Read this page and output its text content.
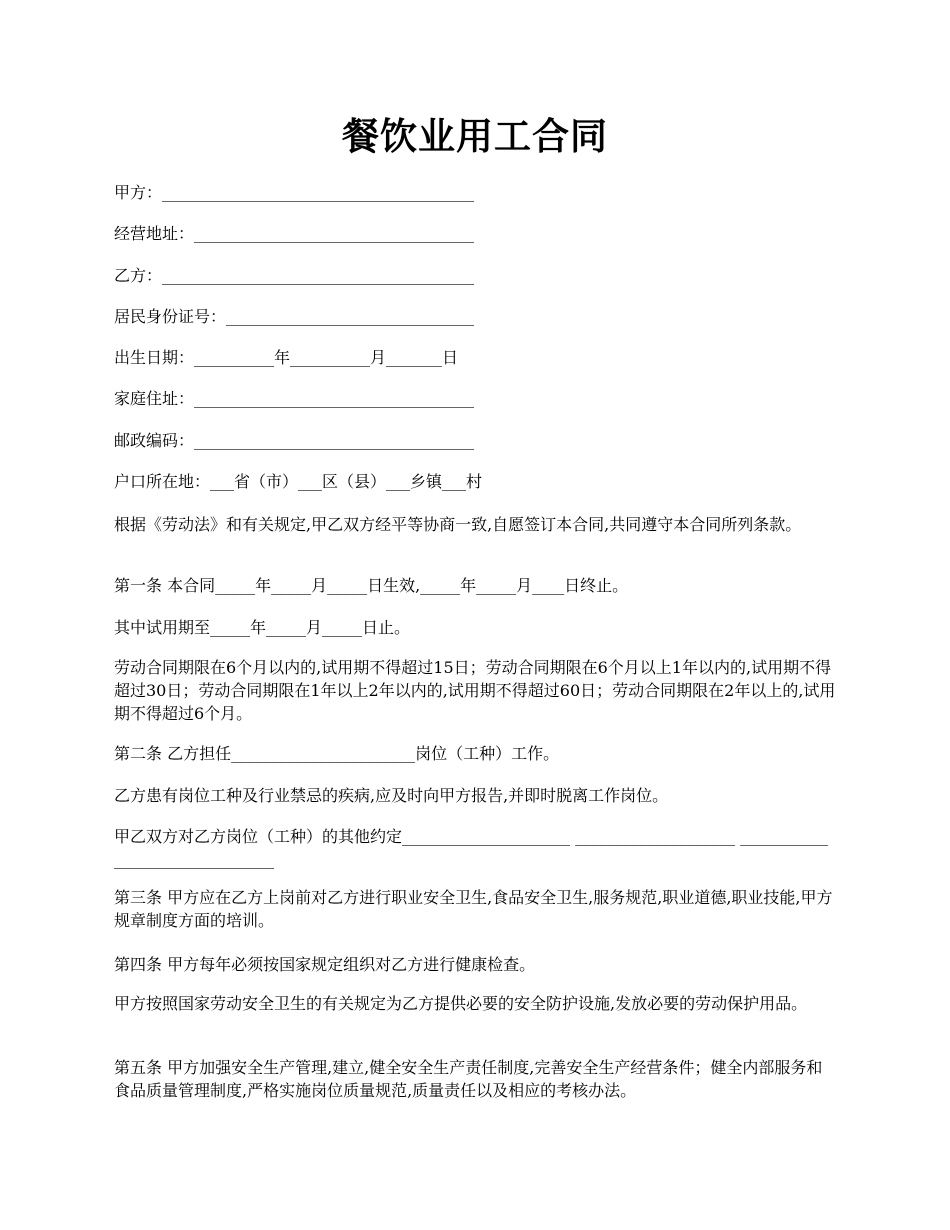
餐饮业用工合同
甲方：_______________________________________
经营地址：___________________________________
乙方：_______________________________________
居民身份证号：_______________________________
出生日期：__________年__________月_______日
家庭住址：___________________________________
邮政编码：___________________________________
户口所在地：___省（市）___区（县）___乡镇___村
根据《劳动法》和有关规定,甲乙双方经平等协商一致,自愿签订本合同,共同遵守本合同所列条款。
第一条 本合同_____年_____月_____日生效,_____年_____月____日终止。
其中试用期至_____年_____月_____日止。
劳动合同期限在6个月以内的,试用期不得超过15日；劳动合同期限在6个月以上1年以内的,试用期不得超过30日；劳动合同期限在1年以上2年以内的,试用期不得超过60日；劳动合同期限在2年以上的,试用期不得超过6个月。
第二条 乙方担任_______________________岗位（工种）工作。
乙方患有岗位工种及行业禁忌的疾病,应及时向甲方报告,并即时脱离工作岗位。
甲乙双方对乙方岗位（工种）的其他约定_____________________ ____________________ _______________________________
第三条 甲方应在乙方上岗前对乙方进行职业安全卫生,食品安全卫生,服务规范,职业道德,职业技能,甲方规章制度方面的培训。
第四条 甲方每年必须按国家规定组织对乙方进行健康检查。
甲方按照国家劳动安全卫生的有关规定为乙方提供必要的安全防护设施,发放必要的劳动保护用品。
第五条 甲方加强安全生产管理,建立,健全安全生产责任制度,完善安全生产经营条件；健全内部服务和食品质量管理制度,严格实施岗位质量规范,质量责任以及相应的考核办法。
